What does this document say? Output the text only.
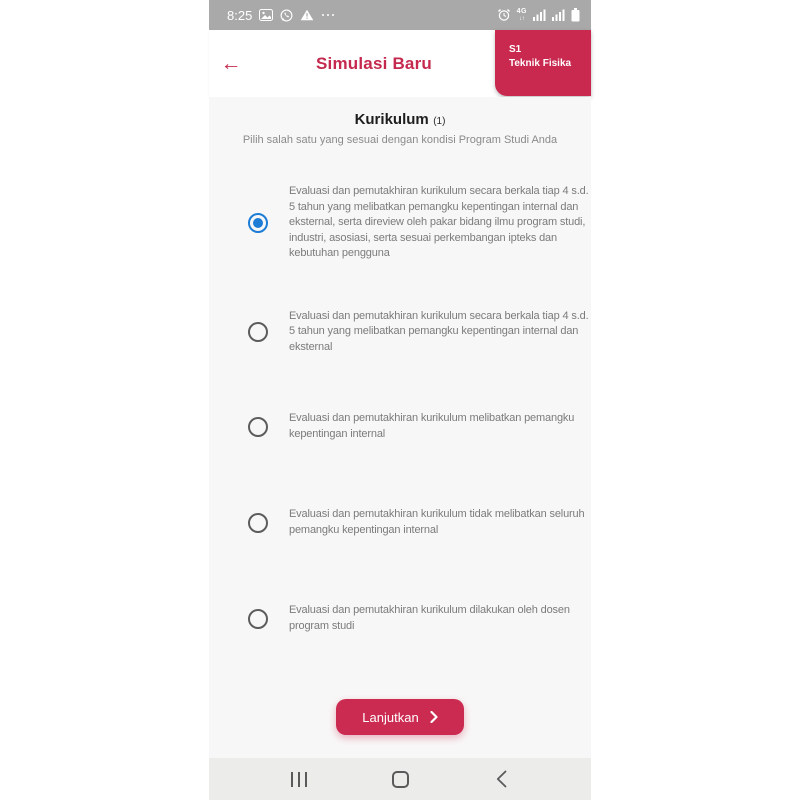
8:25	4G
↓↑
←	Simulasi Baru
S1
Teknik Fisika
Kurikulum (1)
Pilih salah satu yang sesuai dengan kondisi Program Studi Anda
Evaluasi dan pemutakhiran kurikulum secara berkala tiap 4 s.d. 5 tahun yang melibatkan pemangku kepentingan internal dan eksternal, serta direview oleh pakar bidang ilmu program studi, industri, asosiasi, serta sesuai perkembangan ipteks dan kebutuhan pengguna
Evaluasi dan pemutakhiran kurikulum secara berkala tiap 4 s.d. 5 tahun yang melibatkan pemangku kepentingan internal dan eksternal
Evaluasi dan pemutakhiran kurikulum melibatkan pemangku kepentingan internal
Evaluasi dan pemutakhiran kurikulum tidak melibatkan seluruh pemangku kepentingan internal
Evaluasi dan pemutakhiran kurikulum dilakukan oleh dosen program studi
Lanjutkan
